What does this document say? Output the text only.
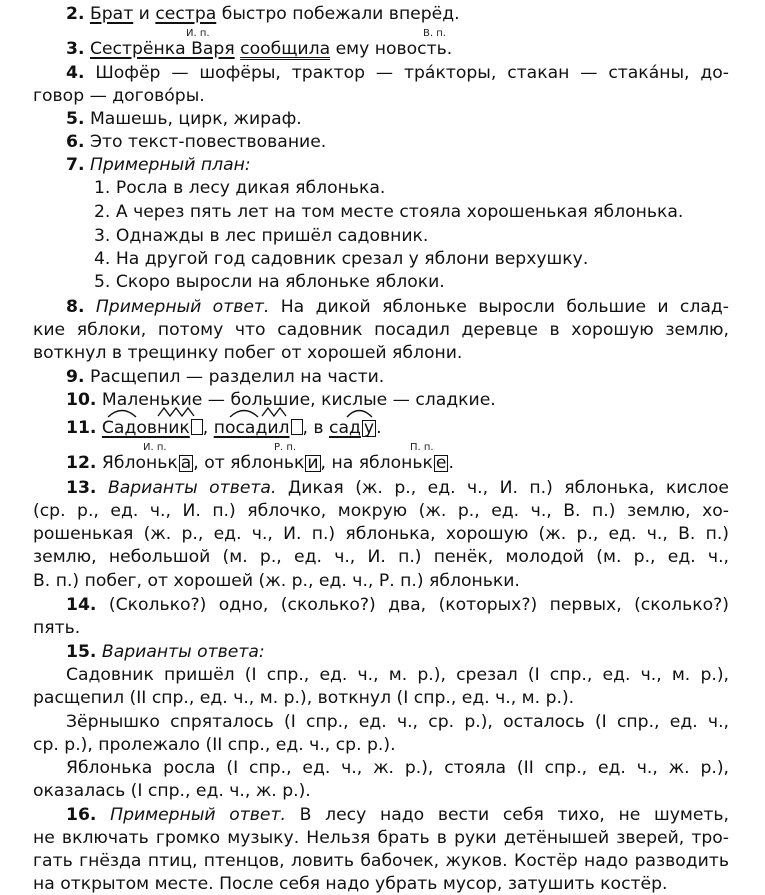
2. Брат и сестра быстро побежали вперёд.
И. п.	В. п.
3. Сестрёнка Варя сообщила ему новость.
4. Шофёр — шофёры, трактор — тра́кторы, стакан — стака́ны, до-
говор — догово́ры.
5. Машешь, цирк, жираф.
6. Это текст-повествование.
7. Примерный план:
1. Росла в лесу дикая яблонька.
2. А через пять лет на том месте стояла хорошенькая яблонька.
3. Однажды в лес пришёл садовник.
4. На другой год садовник срезал у яблони верхушку.
5. Скоро выросли на яблоньке яблоки.
8. Примерный ответ. На дикой яблоньке выросли большие и слад-
кие яблоки, потому что садовник посадил деревце в хорошую землю,
воткнул в трещинку побег от хорошей яблони.
9. Расщепил — разделил на части.
10. Маленькие — большие, кислые — сладкие.
11. Садовник , посадил , в сад у .
И. п.	Р. п.	П. п.
12. Яблоньк а , от яблоньк и , на яблоньк е .
13. Варианты ответа. Дикая (ж. р., ед. ч., И. п.) яблонька, кислое
(ср. р., ед. ч., И. п.) яблочко, мокрую (ж. р., ед. ч., В. п.) землю, хо-
рошенькая (ж. р., ед. ч., И. п.) яблонька, хорошую (ж. р., ед. ч., В. п.)
землю, небольшой (м. р., ед. ч., И. п.) пенёк, молодой (м. р., ед. ч.,
В. п.) побег, от хорошей (ж. р., ед. ч., Р. п.) яблоньки.
14. (Сколько?) одно, (сколько?) два, (которых?) первых, (сколько?)
пять.
15. Варианты ответа:
Садовник пришёл (I спр., ед. ч., м. р.), срезал (I спр., ед. ч., м. р.),
расщепил (II спр., ед. ч., м. р.), воткнул (I спр., ед. ч., м. р.).
Зёрнышко спряталось (I спр., ед. ч., ср. р.), осталось (I спр., ед. ч.,
ср. р.), пролежало (II спр., ед. ч., ср. р.).
Яблонька росла (I спр., ед. ч., ж. р.), стояла (II спр., ед. ч., ж. р.),
оказалась (I спр., ед. ч., ж. р.).
16. Примерный ответ. В лесу надо вести себя тихо, не шуметь,
не включать громко музыку. Нельзя брать в руки детёнышей зверей, тро-
гать гнёзда птиц, птенцов, ловить бабочек, жуков. Костёр надо разводить
на открытом месте. После себя надо убрать мусор, затушить костёр.
